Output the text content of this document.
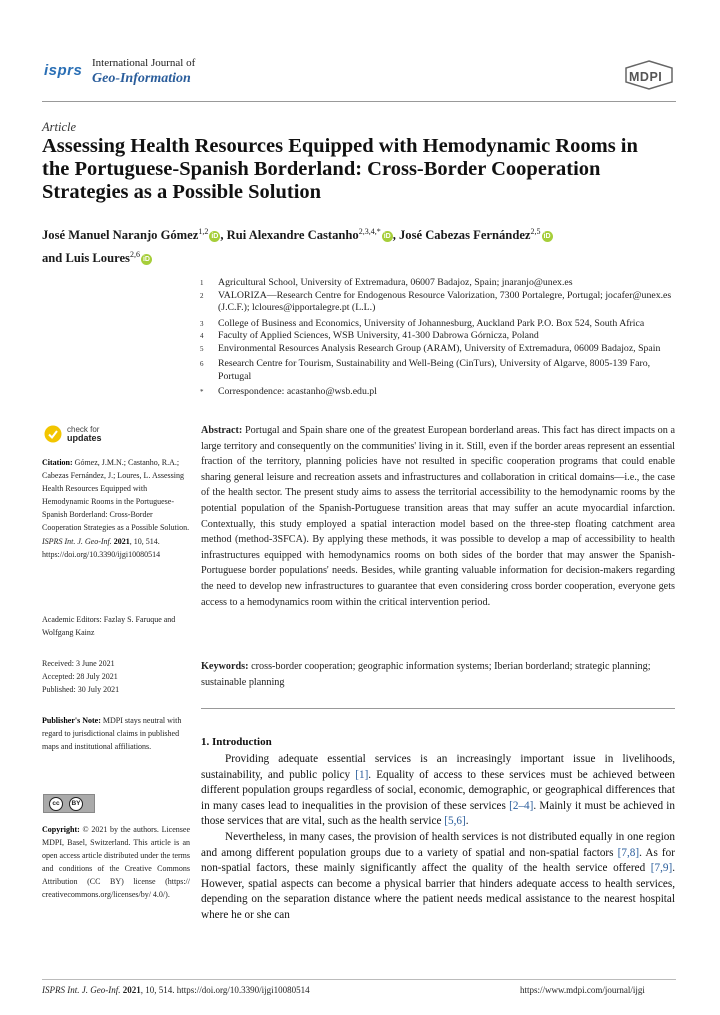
isprs International Journal of
Geo-Information	MDPI
Article
Assessing Health Resources Equipped with Hemodynamic Rooms in the Portuguese-Spanish Borderland: Cross-Border Cooperation Strategies as a Possible Solution
José Manuel Naranjo Gómez$^{1,2}$iD , Rui Alexandre Castanho$^{2,3,4,*}$iD , José Cabezas Fernández$^{2,5}$iD
and Luis Loures$^{2,6}$iD
1	Agricultural School, University of Extremadura, 06007 Badajoz, Spain; jnaranjo@unex.es
2	VALORIZA—Research Centre for Endogenous Resource Valorization, 7300 Portalegre, Portugal; jocafer@unex.es (J.C.F.); lcloures@ipportalegre.pt (L.L.)
3	College of Business and Economics, University of Johannesburg, Auckland Park P.O. Box 524, South Africa
4	Faculty of Applied Sciences, WSB University, 41-300 Dabrowa Górnicza, Poland
5	Environmental Resources Analysis Research Group (ARAM), University of Extremadura, 06009 Badajoz, Spain
6	Research Centre for Tourism, Sustainability and Well-Being (CinTurs), University of Algarve, 8005-139 Faro, Portugal
*	Correspondence: acastanho@wsb.edu.pl
check for
updates
Citation: Gómez, J.M.N.; Castanho, R.A.; Cabezas Fernández, J.; Loures, L. Assessing Health Resources Equipped with Hemodynamic Rooms in the Portuguese-Spanish Borderland: Cross-Border Cooperation Strategies as a Possible Solution. ISPRS Int. J. Geo-Inf. 2021, 10, 514. https://doi.org/10.3390/ijgi10080514
Academic Editors: Fazlay S. Faruque and Wolfgang Kainz
Received: 3 June 2021
Accepted: 28 July 2021
Published: 30 July 2021
Publisher's Note: MDPI stays neutral with regard to jurisdictional claims in published maps and institutional affiliations.
cc	BY
Copyright: © 2021 by the authors. Licensee MDPI, Basel, Switzerland. This article is an open access article distributed under the terms and conditions of the Creative Commons Attribution (CC BY) license (https:// creativecommons.org/licenses/by/ 4.0/).
Abstract: Portugal and Spain share one of the greatest European borderland areas. This fact has direct impacts on a large territory and consequently on the communities' living in it. Still, even if the border areas represent an essential fraction of the territory, planning policies have not resulted in specific cooperation programs that could enable sharing general leisure and recreation assets and infrastructures and collaboration in critical domains—i.e., the case of the health sector. The present study aims to assess the territorial accessibility to the hemodynamic rooms by the potential population of the Spanish-Portuguese transition areas that may suffer an acute myocardial infarction. Contextually, this study employed a spatial interaction model based on the three-step floating catchment area method (method-3SFCA). By applying these methods, it was possible to develop a map of accessibility to health infrastructures equipped with hemodynamics rooms on both sides of the border that may answer the Spanish-Portuguese border populations' needs. Besides, while granting valuable information for decision-makers regarding the need to develop new infrastructures to guarantee that even considering cross border cooperation, everyone gets access to a hemodynamics room within the critical intervention period.
Keywords: cross-border cooperation; geographic information systems; Iberian borderland; strategic planning; sustainable planning
1. Introduction

Providing adequate essential services is an increasingly important issue in livelihoods, sustainability, and public policy [1]. Equality of access to these services must be achieved between different population groups regardless of social, economic, demographic, or geographical differences that in many cases lead to inequalities in the provision of these services [2–4]. Mainly it must be achieved in those services that are vital, such as the health service [5,6].

Nevertheless, in many cases, the provision of health services is not distributed equally in one region and among different population groups due to a variety of spatial and non-spatial factors [7,8]. As for non-spatial factors, these mainly significantly affect the quality of the health service offered [7,9]. However, spatial aspects can become a physical barrier that hinders adequate access to health services, depending on the separation distance where the patient needs medical assistance to the nearest hospital where he or she can

ISPRS Int. J. Geo-Inf. 2021, 10, 514. https://doi.org/10.3390/ijgi10080514	https://www.mdpi.com/journal/ijgi
